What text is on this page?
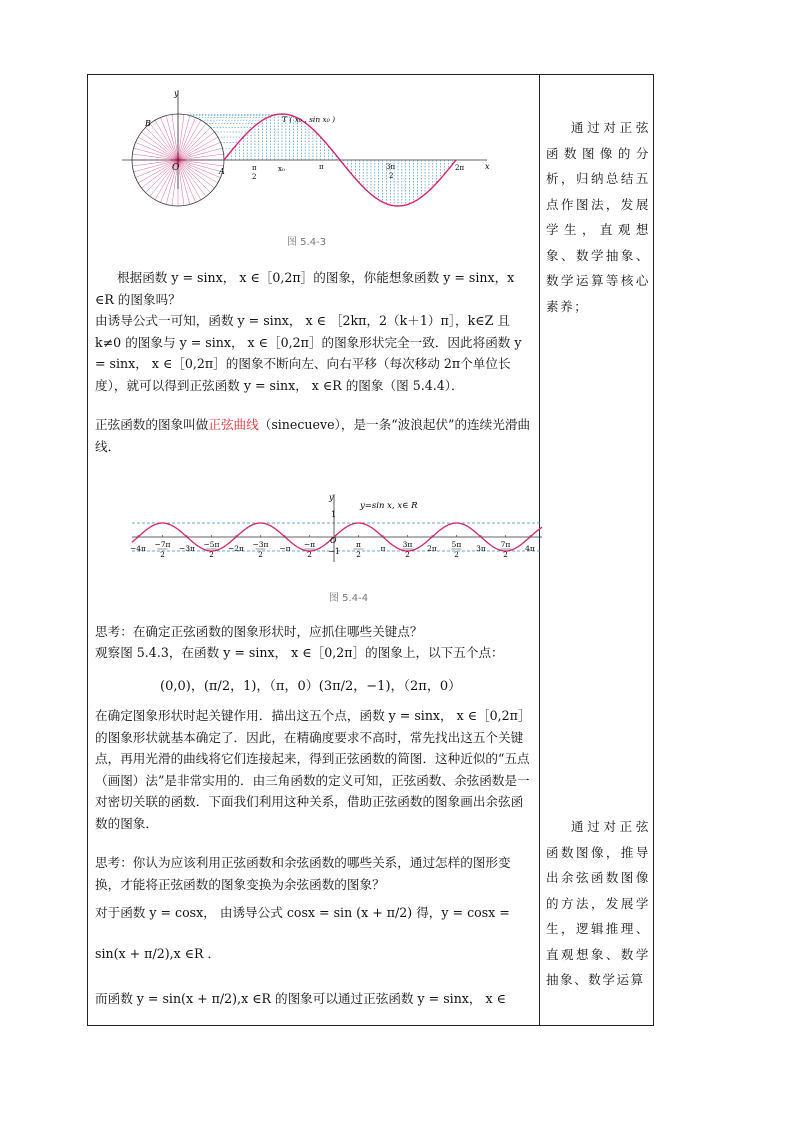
y
x
O	A
B
x₀
π
2
π	3π
2
2π
T ( x₀ , sin x₀ )
图 5.4-3
根据函数 y = sinx， x ∈［0,2π］的图象，你能想象函数 y = sinx，x ∈R 的图象吗？
由诱导公式一可知，函数 y = sinx， x ∈ ［2kπ，2（k＋1）π］，k∈Z 且 k≠0 的图象与 y = sinx， x ∈［0,2π］的图象形状完全一致．因此将函数 y = sinx， x ∈［0,2π］的图象不断向左、向右平移（每次移动 2π个单位长度），就可以得到正弦函数 y = sinx， x ∈R 的图象（图 5.4.4）．
正弦函数的图象叫做正弦曲线（sinecueve），是一条“波浪起伏”的连续光滑曲线．
−4π −7π
2
−3π −5π
2
−2π −3π
2
−π −π
2
π
2
π 3π
2
2π 5π
2
3π 7π
2
4π
y=sin x, x∈ R
y
1
−1
O
图 5.4-4
思考：在确定正弦函数的图象形状时，应抓住哪些关键点？
观察图 5.4.3，在函数 y = sinx， x ∈［0,2π］的图象上，以下五个点：
(0,0)，(π/2，1)，（π，0）(3π/2，−1)，（2π，0）
在确定图象形状时起关键作用．描出这五个点，函数 y = sinx， x ∈［0,2π］的图象形状就基本确定了．因此，在精确度要求不高时，常先找出这五个关键点，再用光滑的曲线将它们连接起来，得到正弦函数的简图．这种近似的“五点（画图）法”是非常实用的．由三角函数的定义可知，正弦函数、余弦函数是一对密切关联的函数．下面我们利用这种关系，借助正弦函数的图象画出余弦函数的图象．
思考：你认为应该利用正弦函数和余弦函数的哪些关系，通过怎样的图形变换，才能将正弦函数的图象变换为余弦函数的图象？
对于函数 y = cosx， 由诱导公式 cosx = sin (x + π/2) 得，y = cosx =
sin(x + π/2),x ∈R ．
而函数 y = sin(x + π/2),x ∈R 的图象可以通过正弦函数 y = sinx， x ∈
通过对正弦函数图像的分析，归纳总结五点作图法，发展学生，直观想象、数学抽象、数学运算等核心素养；
通过对正弦函数图像，推导出余弦函数图像的方法，发展学生，逻辑推理、直观想象、数学抽象、数学运算
